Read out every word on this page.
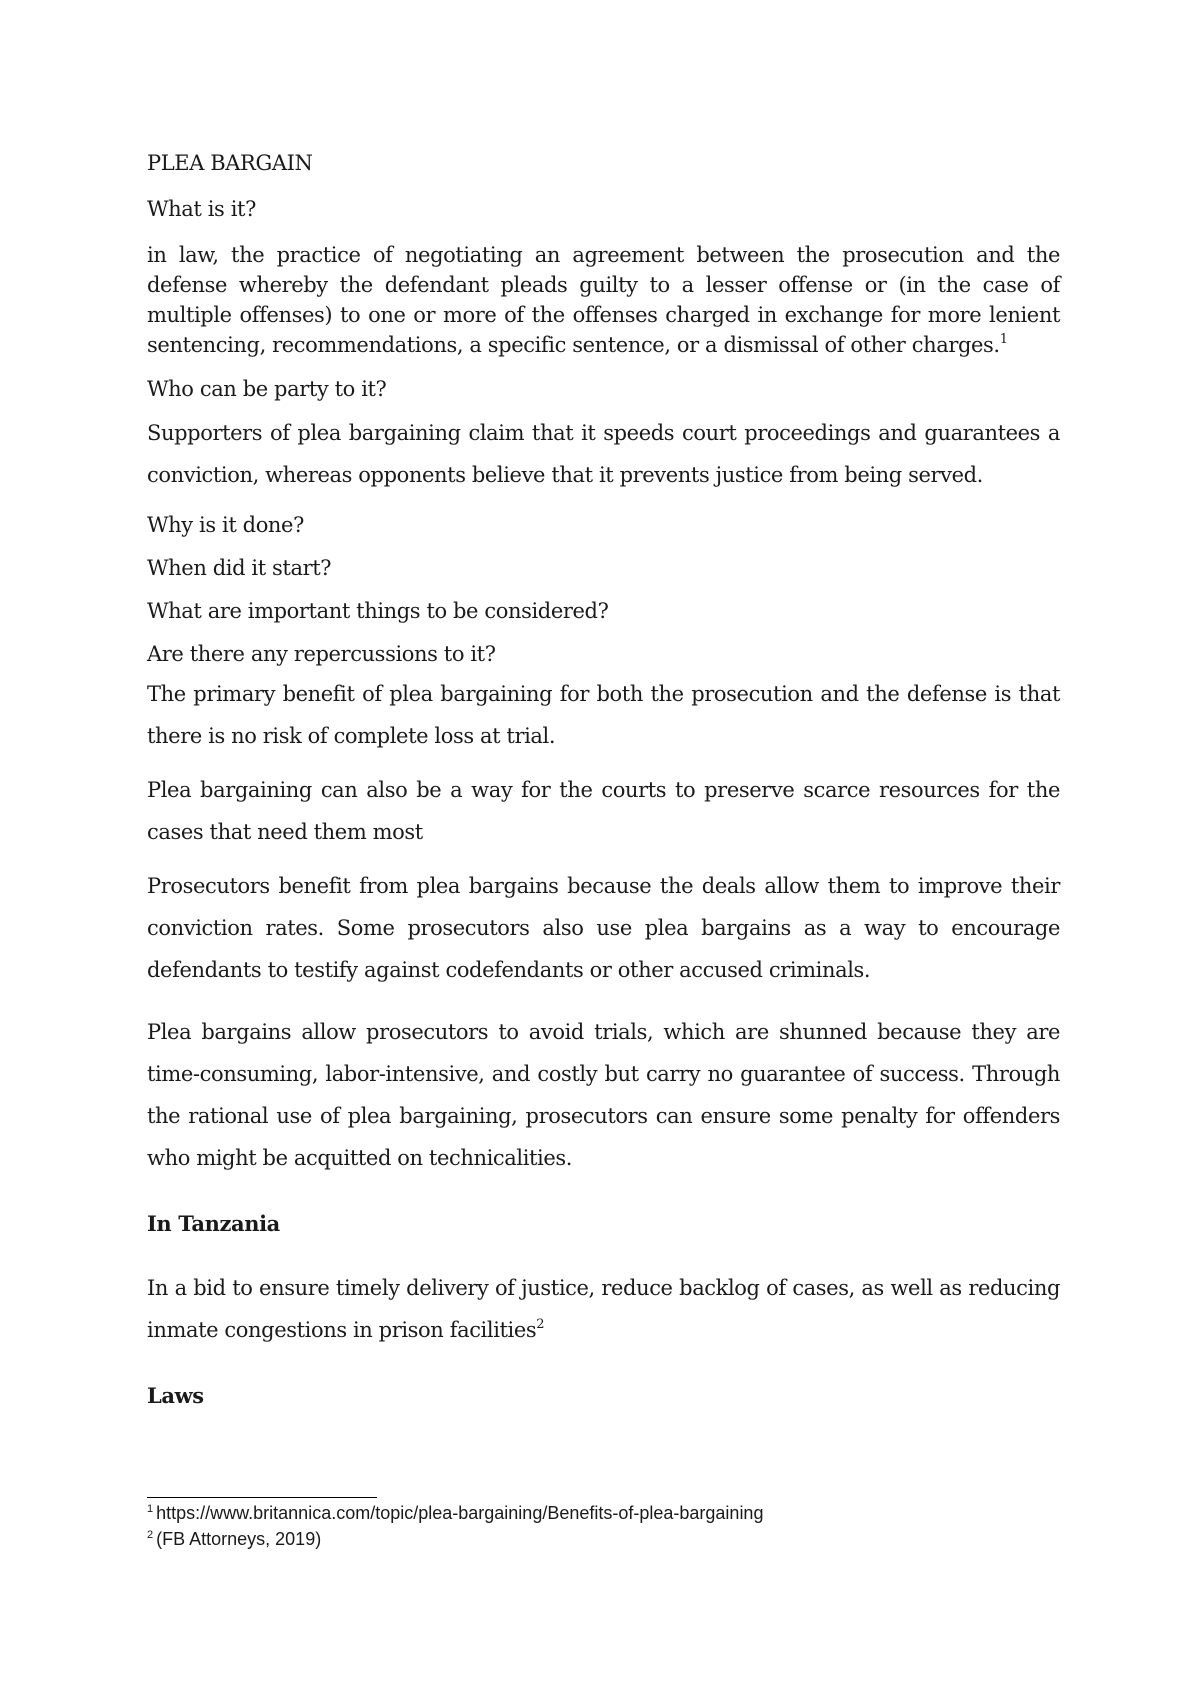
PLEA BARGAIN

What is it?

in law, the practice of negotiating an agreement between the prosecution and the defense whereby the defendant pleads guilty to a lesser offense or (in the case of multiple offenses) to one or more of the offenses charged in exchange for more lenient sentencing, recommendations, a specific sentence, or a dismissal of other charges.$^1$

Who can be party to it?

Supporters of plea bargaining claim that it speeds court proceedings and guarantees a conviction, whereas opponents believe that it prevents justice from being served.

Why is it done?

When did it start?

What are important things to be considered?

Are there any repercussions to it?

The primary benefit of plea bargaining for both the prosecution and the defense is that there is no risk of complete loss at trial.

Plea bargaining can also be a way for the courts to preserve scarce resources for the cases that need them most

Prosecutors benefit from plea bargains because the deals allow them to improve their conviction rates. Some prosecutors also use plea bargains as a way to encourage defendants to testify against codefendants or other accused criminals.

Plea bargains allow prosecutors to avoid trials, which are shunned because they are time-consuming, labor-intensive, and costly but carry no guarantee of success. Through the rational use of plea bargaining, prosecutors can ensure some penalty for offenders who might be acquitted on technicalities.

In Tanzania

In a bid to ensure timely delivery of justice, reduce backlog of cases, as well as reducing inmate congestions in prison facilities$^2$

Laws

$^1$ https://www.britannica.com/topic/plea-bargaining/Benefits-of-plea-bargaining
$^2$ (FB Attorneys, 2019)
